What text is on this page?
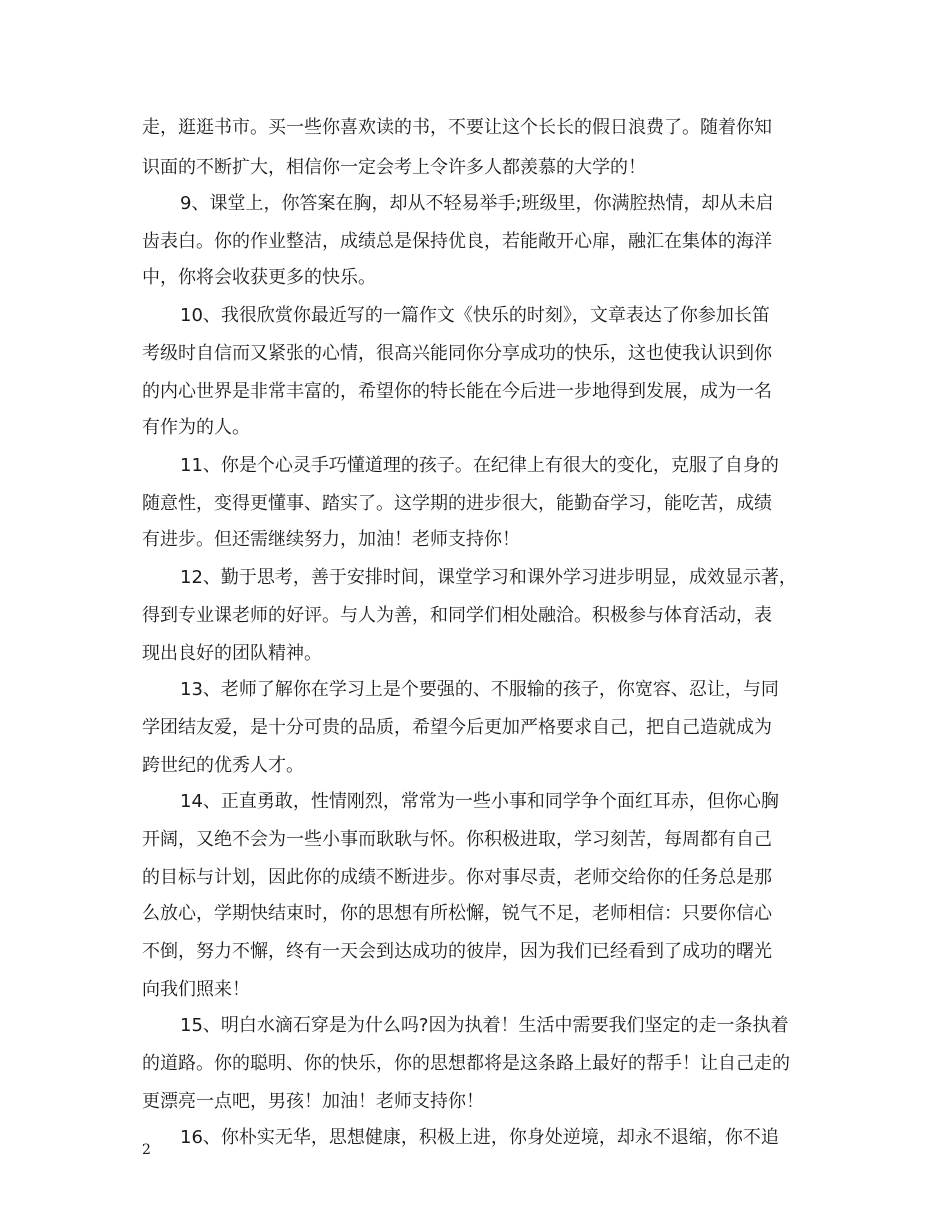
走，逛逛书市。买一些你喜欢读的书，不要让这个长长的假日浪费了。随着你知
识面的不断扩大，相信你一定会考上令许多人都羡慕的大学的！
9、课堂上，你答案在胸，却从不轻易举手;班级里，你满腔热情，却从未启
齿表白。你的作业整洁，成绩总是保持优良，若能敞开心扉，融汇在集体的海洋
中，你将会收获更多的快乐。
10、我很欣赏你最近写的一篇作文《快乐的时刻》，文章表达了你参加长笛
考级时自信而又紧张的心情，很高兴能同你分享成功的快乐，这也使我认识到你
的内心世界是非常丰富的，希望你的特长能在今后进一步地得到发展，成为一名
有作为的人。
11、你是个心灵手巧懂道理的孩子。在纪律上有很大的变化，克服了自身的
随意性，变得更懂事、踏实了。这学期的进步很大，能勤奋学习，能吃苦，成绩
有进步。但还需继续努力，加油！老师支持你！
12、勤于思考，善于安排时间，课堂学习和课外学习进步明显，成效显示著，
得到专业课老师的好评。与人为善，和同学们相处融洽。积极参与体育活动，表
现出良好的团队精神。
13、老师了解你在学习上是个要强的、不服输的孩子，你宽容、忍让，与同
学团结友爱，是十分可贵的品质，希望今后更加严格要求自己，把自己造就成为
跨世纪的优秀人才。
14、正直勇敢，性情刚烈，常常为一些小事和同学争个面红耳赤，但你心胸
开阔，又绝不会为一些小事而耿耿与怀。你积极进取，学习刻苦，每周都有自己
的目标与计划，因此你的成绩不断进步。你对事尽责，老师交给你的任务总是那
么放心，学期快结束时，你的思想有所松懈，锐气不足，老师相信：只要你信心
不倒，努力不懈，终有一天会到达成功的彼岸，因为我们已经看到了成功的曙光
向我们照来！
15、明白水滴石穿是为什么吗?因为执着！生活中需要我们坚定的走一条执着
的道路。你的聪明、你的快乐，你的思想都将是这条路上最好的帮手！让自己走的
更漂亮一点吧，男孩！加油！老师支持你！
16、你朴实无华，思想健康，积极上进，你身处逆境，却永不退缩，你不追
2
